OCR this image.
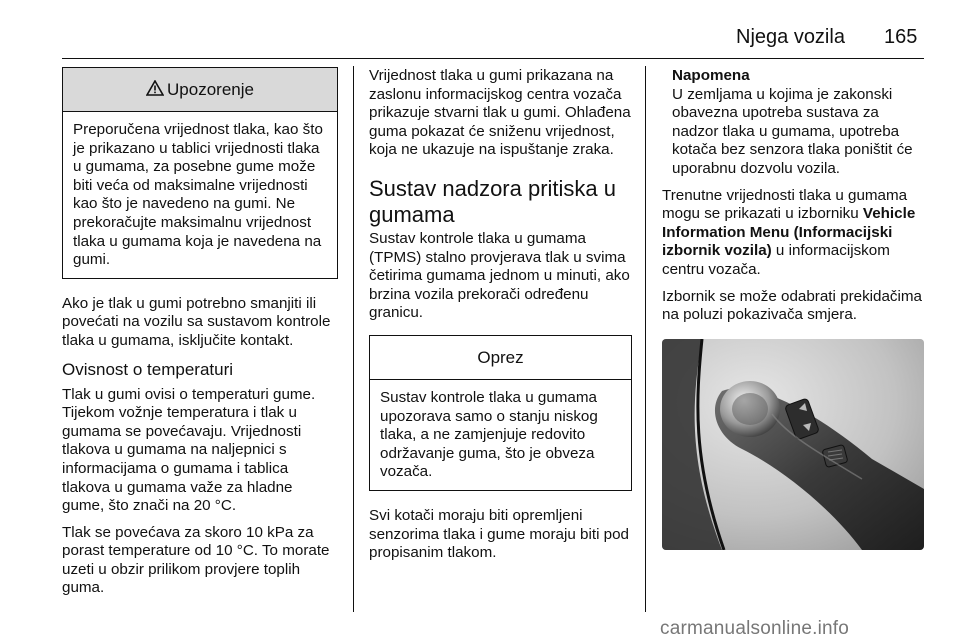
Njega vozila 165
Upozorenje
Preporučena vrijednost tlaka, kao što je prikazano u tablici vrijednosti tlaka u gumama, za posebne gume može biti veća od maksimalne vrijednosti kao što je navedeno na gumi. Ne prekoračujte maksimalnu vrijednost tlaka u gumama koja je navedena na gumi.

Ako je tlak u gumi potrebno smanjiti ili povećati na vozilu sa sustavom kontrole tlaka u gumama, isključite kontakt.

Ovisnost o temperaturi

Tlak u gumi ovisi o temperaturi gume. Tijekom vožnje temperatura i tlak u gumama se povećavaju. Vrijednosti tlakova u gumama na naljepnici s informacijama o gumama i tablica tlakova u gumama važe za hladne gume, što znači na 20 °C.

Tlak se povećava za skoro 10 kPa za porast temperature od 10 °C. To morate uzeti u obzir prilikom provjere toplih guma.

Vrijednost tlaka u gumi prikazana na zaslonu informacijskog centra vozača prikazuje stvarni tlak u gumi. Ohlađena guma pokazat će sniženu vrijednost, koja ne ukazuje na ispuštanje zraka.

Sustav nadzora pritiska u gumama

Sustav kontrole tlaka u gumama (TPMS) stalno provjerava tlak u svima četirima gumama jednom u minuti, ako brzina vozila prekorači određenu granicu.

Oprez
Sustav kontrole tlaka u gumama upozorava samo o stanju niskog tlaka, a ne zamjenjuje redovito održavanje guma, što je obveza vozača.

Svi kotači moraju biti opremljeni senzorima tlaka i gume moraju biti pod propisanim tlakom.

Napomena
U zemljama u kojima je zakonski obavezna upotreba sustava za nadzor tlaka u gumama, upotreba kotača bez senzora tlaka poništit će uporabnu dozvolu vozila.

Trenutne vrijednosti tlaka u gumama mogu se prikazati u izborniku Vehicle Information Menu (Informacijski izbornik vozila) u informacijskom centru vozača.

Izbornik se može odabrati prekidačima na poluzi pokazivača smjera.

carmanualsonline.info
